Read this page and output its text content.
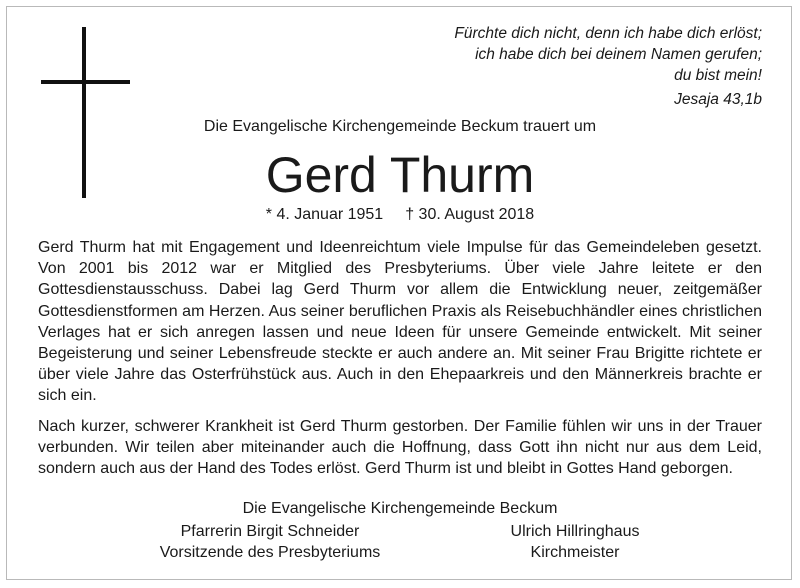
Fürchte dich nicht, denn ich habe dich erlöst;
ich habe dich bei deinem Namen gerufen;
du bist mein!
Jesaja 43,1b
Die Evangelische Kirchengemeinde Beckum trauert um
Gerd Thurm
* 4. Januar 1951 † 30. August 2018

Gerd Thurm hat mit Engagement und Ideenreichtum viele Impulse für das Gemeindeleben gesetzt. Von 2001 bis 2012 war er Mitglied des Presbyteriums. Über viele Jahre leitete er den Gottesdienstausschuss. Dabei lag Gerd Thurm vor allem die Entwicklung neuer, zeitgemäßer Gottesdienstformen am Herzen. Aus seiner beruflichen Praxis als Reisebuchhändler eines christlichen Verlages hat er sich anregen lassen und neue Ideen für unsere Gemeinde entwickelt. Mit seiner Begeisterung und seiner Lebensfreude steckte er auch andere an. Mit seiner Frau Brigitte richtete er über viele Jahre das Osterfrühstück aus. Auch in den Ehepaarkreis und den Männerkreis brachte er sich ein.

Nach kurzer, schwerer Krankheit ist Gerd Thurm gestorben. Der Familie fühlen wir uns in der Trauer verbunden. Wir teilen aber miteinander auch die Hoffnung, dass Gott ihn nicht nur aus dem Leid, sondern auch aus der Hand des Todes erlöst. Gerd Thurm ist und bleibt in Gottes Hand geborgen.

Die Evangelische Kirchengemeinde Beckum
Pfarrerin Birgit Schneider
Vorsitzende des Presbyteriums
Ulrich Hillringhaus
Kirchmeister
